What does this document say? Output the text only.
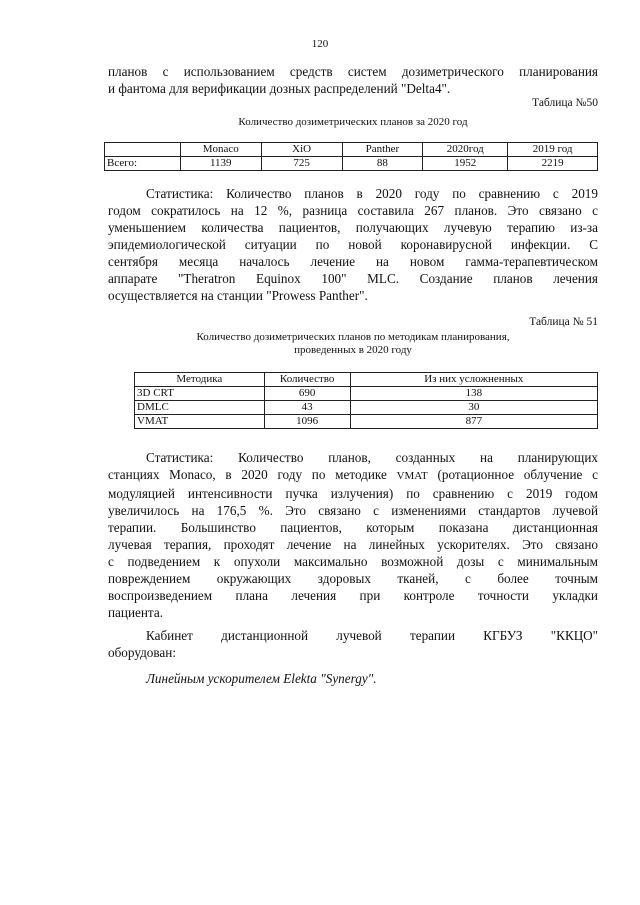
120
планов с использованием средств систем дозиметрического планирования
и фантома для верификации дозных распределений "Delta4".
Таблица №50
Количество дозиметрических планов за 2020 год
	Monaco	XiO	Panther	2020год	2019 год
Всего:	1139	725	88	1952	2219
Статистика: Количество планов в 2020 году по сравнению с 2019
годом сократилось на 12 %, разница составила 267 планов. Это связано с
уменьшением количества пациентов, получающих лучевую терапию из-за
эпидемиологической ситуации по новой коронавирусной инфекции. С
сентября месяца началось лечение на новом гамма-терапевтическом
аппарате "Theratron Equinox 100" MLC. Создание планов лечения
осуществляется на станции "Prowess Panther".
Таблица № 51
Количество дозиметрических планов по методикам планирования,
проведенных в 2020 году
Методика	Количество	Из них усложненных
3D CRT	690	138
DMLC	43	30
VMAT	1096	877
Статистика: Количество планов, созданных на планирующих
станциях Monaco, в 2020 году по методике VMAT (ротационное облучение с
модуляцией интенсивности пучка излучения) по сравнению с 2019 годом
увеличилось на 176,5 %. Это связано с изменениями стандартов лучевой
терапии. Большинство пациентов, которым показана дистанционная
лучевая терапия, проходят лечение на линейных ускорителях. Это связано
с подведением к опухоли максимально возможной дозы с минимальным
повреждением окружающих здоровых тканей, с более точным
воспроизведением плана лечения при контроле точности укладки
пациента.
Кабинет дистанционной лучевой терапии КГБУЗ "ККЦО"
оборудован:
Линейным ускорителем Elekta "Synergy".
